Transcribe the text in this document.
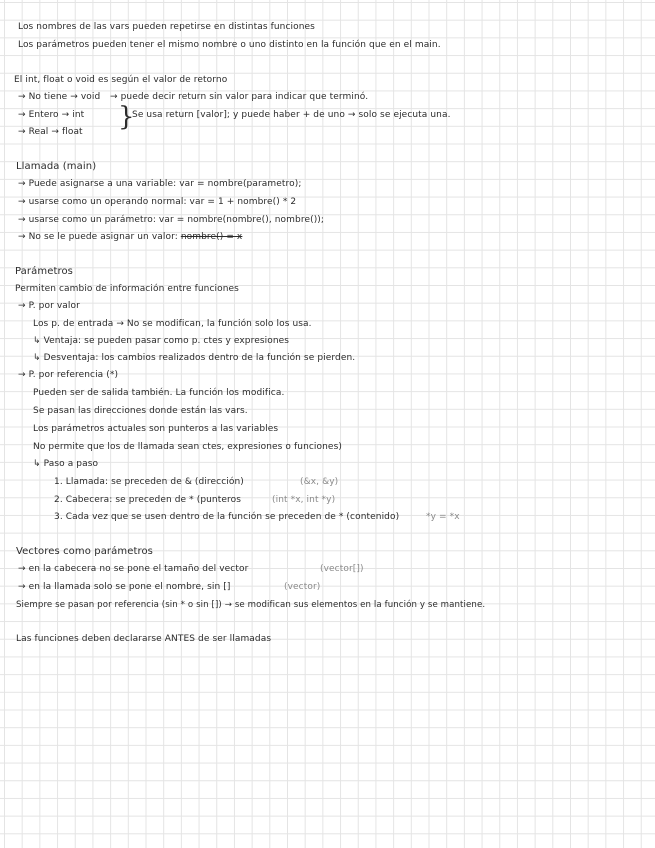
Los nombres de las vars pueden repetirse en distintas funciones
Los parámetros pueden tener el mismo nombre o uno distinto en la función que en el main.
El int, float o void es según el valor de retorno
→ No tiene → void
→ Entero → int
→ Real → float }
→ puede decir return sin valor para indicar que terminó.
Se usa return [valor]; y puede haber + de uno → solo se ejecuta una.
Llamada (main)
→ Puede asignarse a una variable: var = nombre(parametro);
→ usarse como un operando normal: var = 1 + nombre() * 2
→ usarse como un parámetro: var = nombre(nombre(), nombre());
→ No se le puede asignar un valor: nombre() = x
Parámetros
Permiten cambio de información entre funciones
→ P. por valor
Los p. de entrada → No se modifican, la función solo los usa.
↳ Ventaja: se pueden pasar como p. ctes y expresiones
↳ Desventaja: los cambios realizados dentro de la función se pierden.
→ P. por referencia (*)
Pueden ser de salida también. La función los modifica.
Se pasan las direcciones donde están las vars.
Los parámetros actuales son punteros a las variables
No permite que los de llamada sean ctes, expresiones o funciones)
↳ Paso a paso
1. Llamada: se preceden de & (dirección)	(&x, &y)
2. Cabecera: se preceden de * (punteros	(int *x, int *y)
3. Cada vez que se usen dentro de la función se preceden de * (contenido)	*y = *x
Vectores como parámetros
→ en la cabecera no se pone el tamaño del vector	(vector[])
→ en la llamada solo se pone el nombre, sin []	(vector)
Siempre se pasan por referencia (sin * o sin []) → se modifican sus elementos en la función y se mantiene.
Las funciones deben declararse ANTES de ser llamadas
